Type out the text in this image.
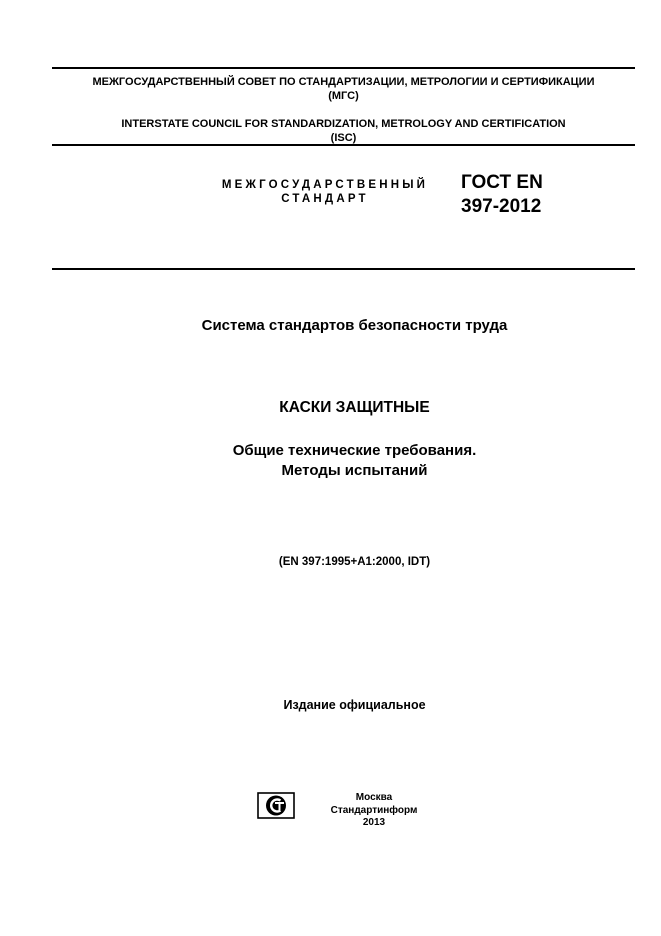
МЕЖГОСУДАРСТВЕННЫЙ СОВЕТ ПО СТАНДАРТИЗАЦИИ, МЕТРОЛОГИИ И СЕРТИФИКАЦИИ
(МГС)
INTERSTATE COUNCIL FOR STANDARDIZATION, METROLOGY AND CERTIFICATION
(ISC)
МЕЖГОСУДАРСТВЕННЫЙ
СТАНДАРТ
ГОСТ EN
397-2012
Система стандартов безопасности труда
КАСКИ ЗАЩИТНЫЕ
Общие технические требования.
Методы испытаний
(EN 397:1995+A1:2000, IDT)
Издание официальное
Москва
Стандартинформ
2013
